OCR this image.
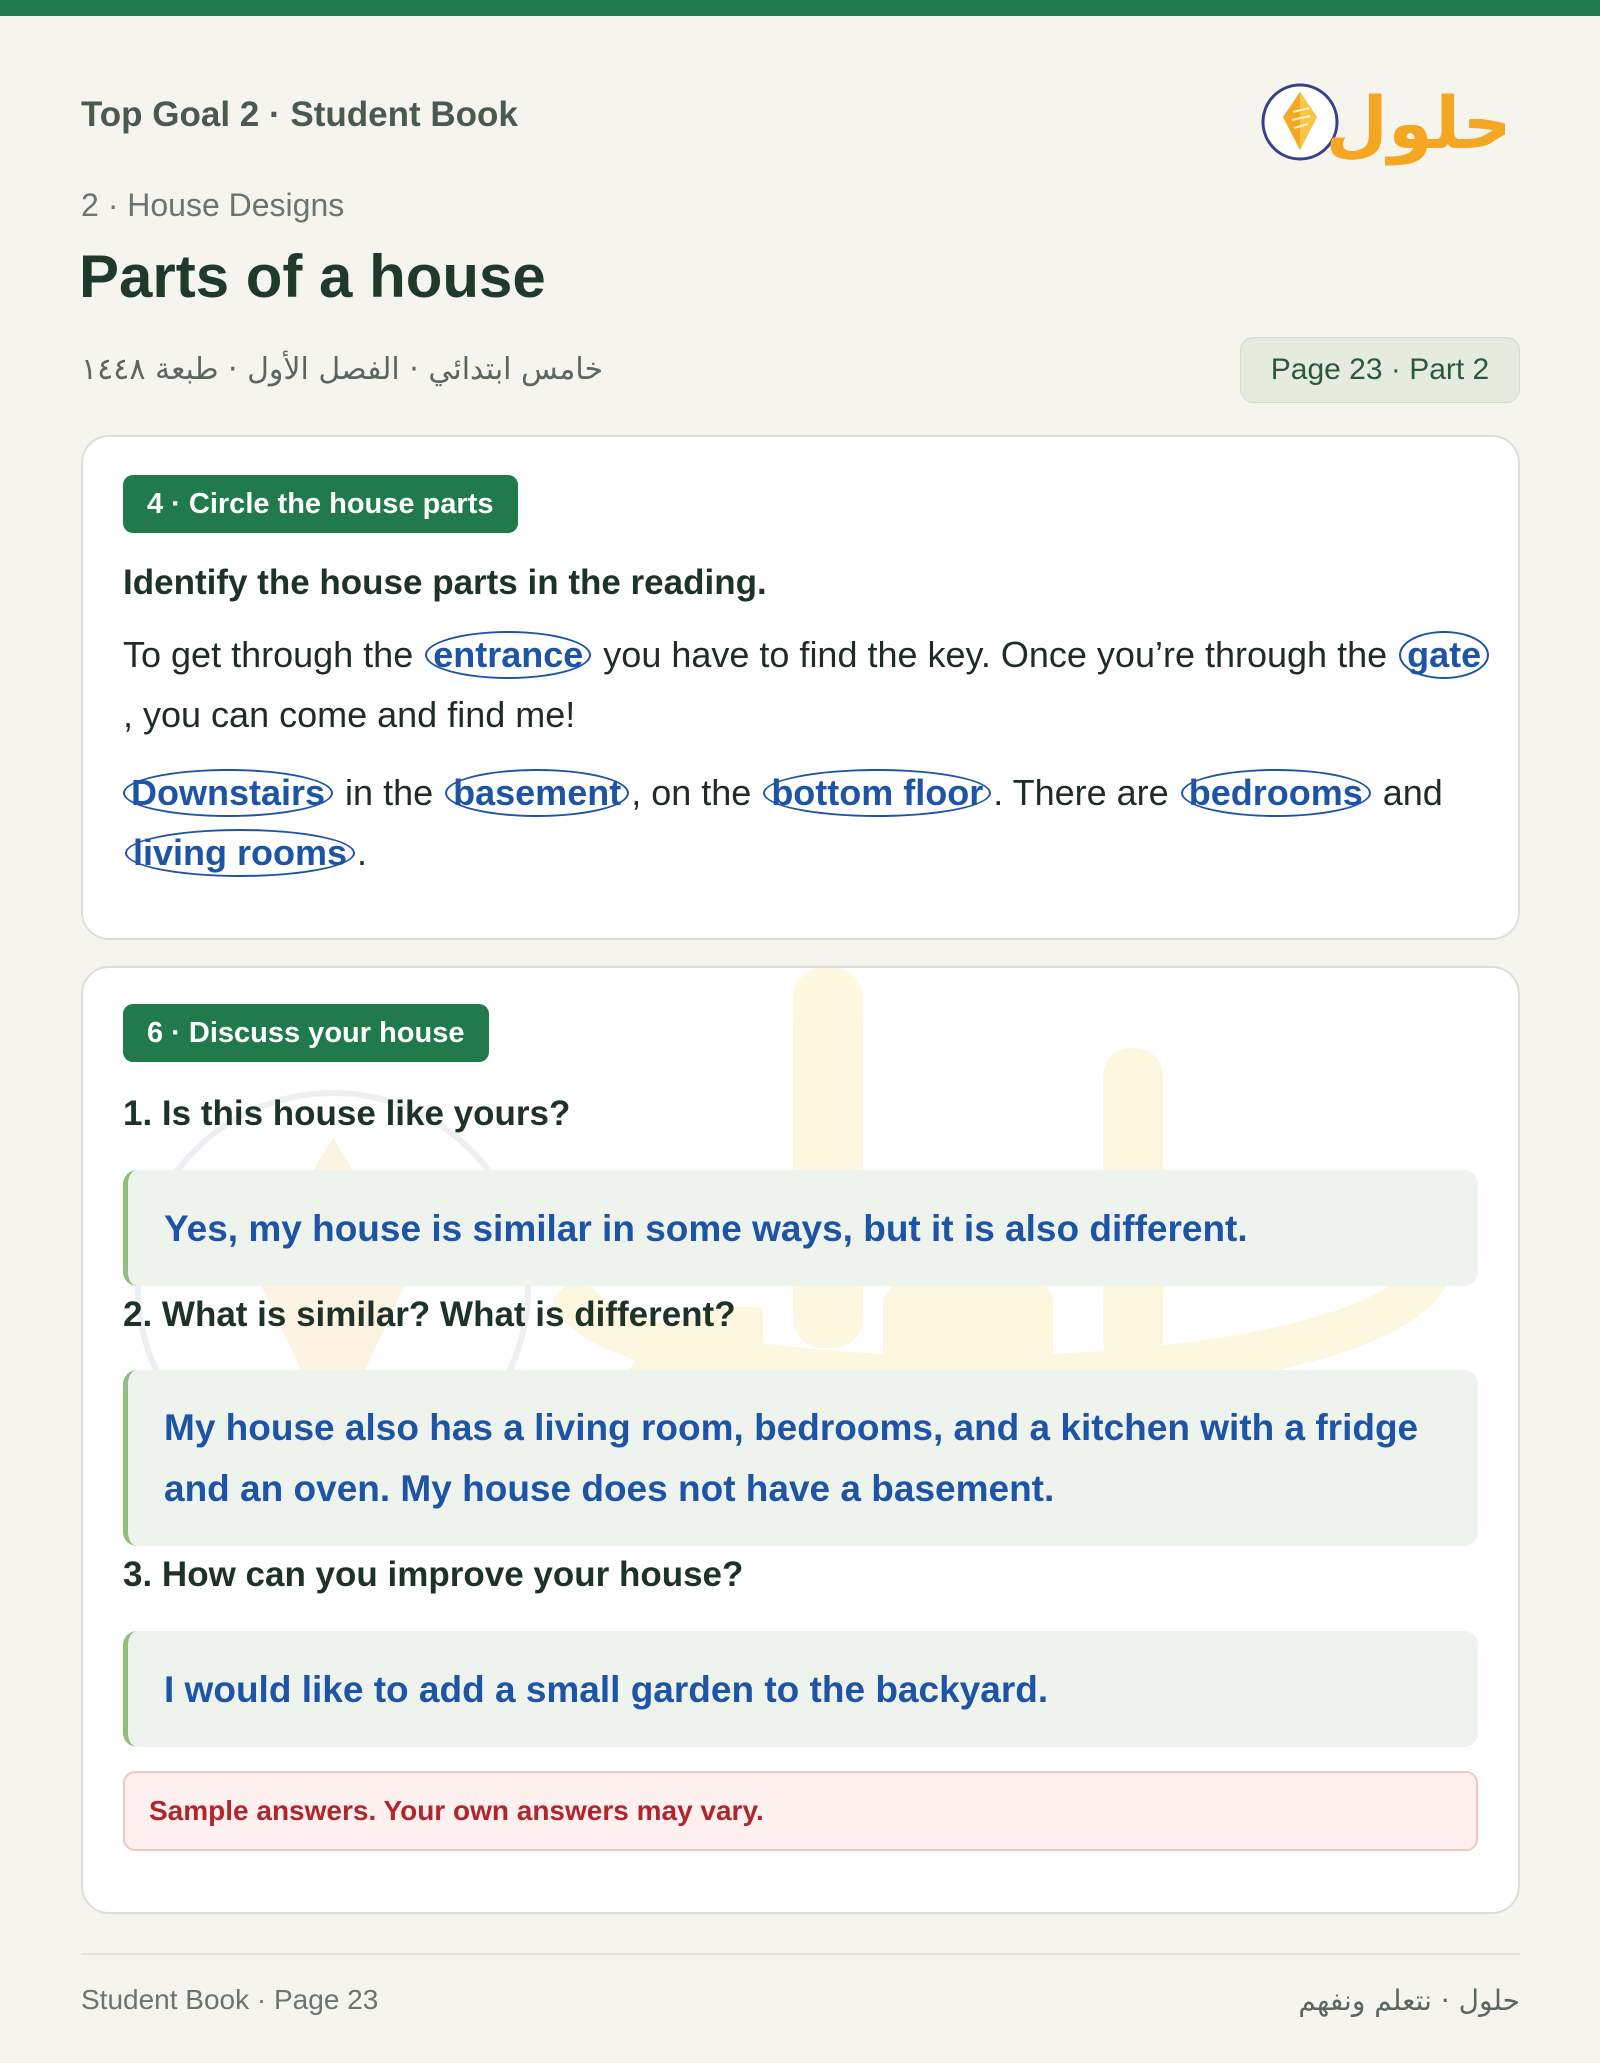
Top Goal 2 · Student Book	حلول
2 · House Designs
Parts of a house
خامس ابتدائي · الفصل الأول · طبعة ١٤٤٨	Page 23 · Part 2
4 · Circle the house parts
Identify the house parts in the reading.

To get through the entrance you have to find the key. Once you’re through the gate, you can come and find me!

Downstairs in the basement , on the bottom floor . There are bedrooms and living rooms .

6 · Discuss your house
1. Is this house like yours?
Yes, my house is similar in some ways, but it is also different.
2. What is similar? What is different?
My house also has a living room, bedrooms, and a kitchen with a fridge and an oven. My house does not have a basement.
3. How can you improve your house?
I would like to add a small garden to the backyard.
Sample answers. Your own answers may vary.
Student Book · Page 23	حلول · نتعلم ونفهم
